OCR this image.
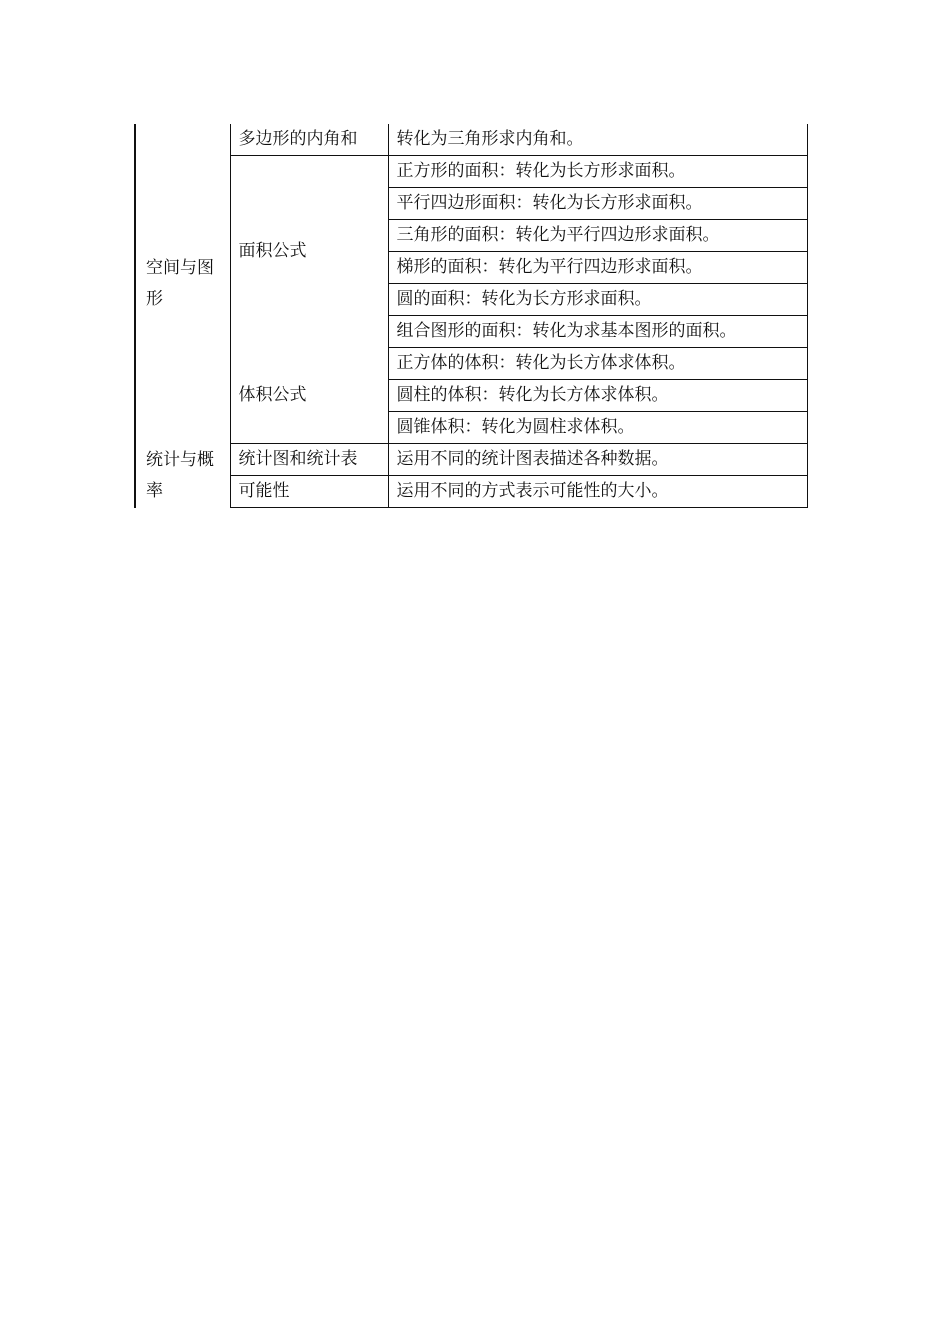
空间与图形	多边形的内角和	转化为三角形求内角和。

	面积公式	正方形的面积：转化为长方形求面积。
		平行四边形面积：转化为长方形求面积。
		三角形的面积：转化为平行四边形求面积。
		梯形的面积：转化为平行四边形求面积。
		圆的面积：转化为长方形求面积。
		组合图形的面积：转化为求基本图形的面积。

	体积公式	正方体的体积：转化为长方体求体积。
		圆柱的体积：转化为长方体求体积。
		圆锥体积：转化为圆柱求体积。
统计与概率	统计图和统计表	运用不同的统计图表描述各种数据。

	可能性	运用不同的方式表示可能性的大小。
